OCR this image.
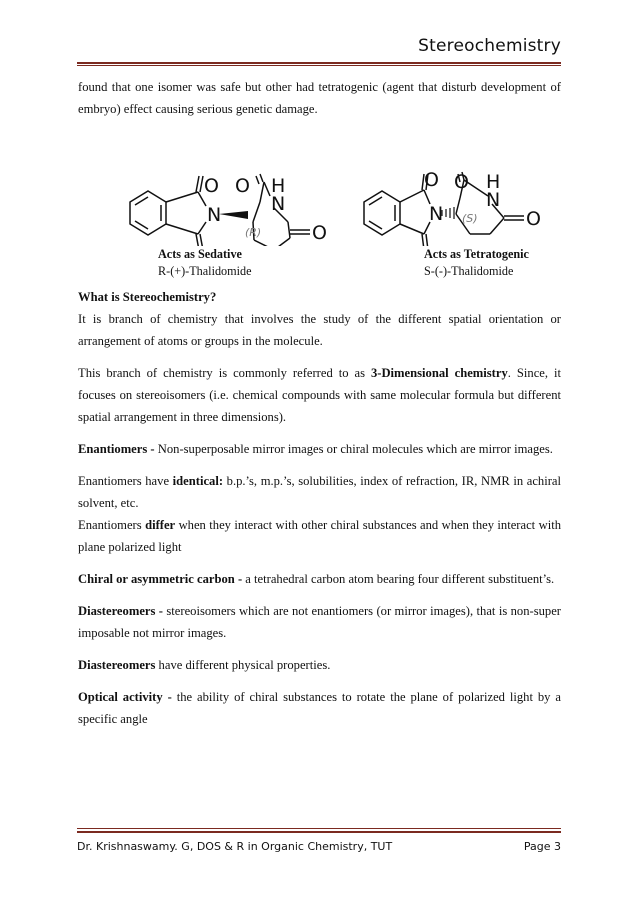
Stereochemistry

found that one isomer was safe but other had tetratogenic (agent that disturb development of embryo) effect causing serious genetic damage.

O
N
O
N
H
O
(R)
O
N
O
N
H
O
(S)
Acts as Sedative
R-(+)-Thalidomide
Acts as Tetratogenic
S-(-)-Thalidomide

What is Stereochemistry?

It is branch of chemistry that involves the study of the different spatial orientation or arrangement of atoms or groups in the molecule.

This branch of chemistry is commonly referred to as 3-Dimensional chemistry. Since, it focuses on stereoisomers (i.e. chemical compounds with same molecular formula but different spatial arrangement in three dimensions).

Enantiomers - Non-superposable mirror images or chiral molecules which are mirror images.

Enantiomers have identical: b.p.’s, m.p.’s, solubilities, index of refraction, IR, NMR in achiral solvent, etc.

Enantiomers differ when they interact with other chiral substances and when they interact with plane polarized light

Chiral or asymmetric carbon - a tetrahedral carbon atom bearing four different substituent’s.

Diastereomers - stereoisomers which are not enantiomers (or mirror images), that is non-super imposable not mirror images.

Diastereomers have different physical properties.

Optical activity - the ability of chiral substances to rotate the plane of polarized light by a specific angle

Dr. Krishnaswamy. G, DOS & R in Organic Chemistry, TUT	Page 3
